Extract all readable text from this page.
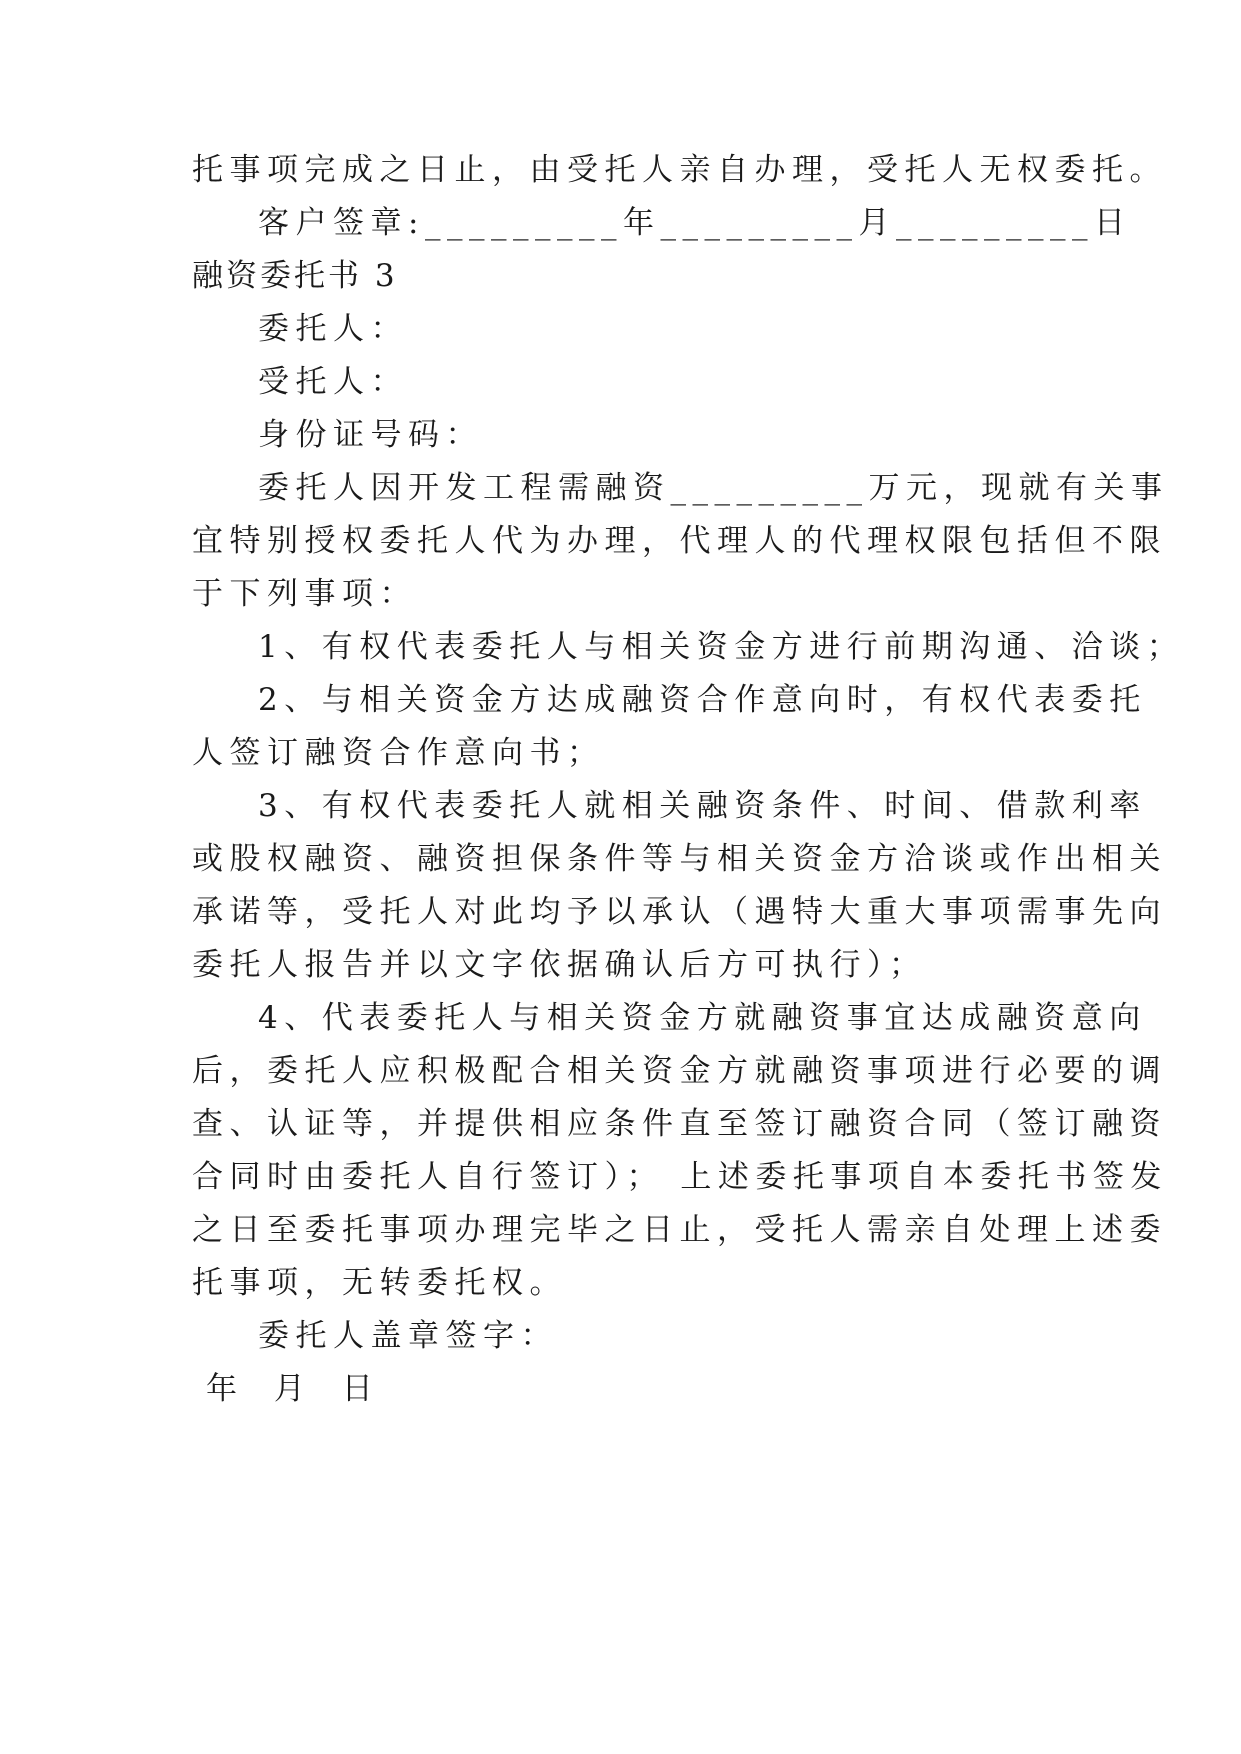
托事项完成之日止，由受托人亲自办理，受托人无权委托。
客户签章:_________年_________月_________日
融资委托书 3
委托人：
受托人：
身份证号码：
委托人因开发工程需融资_________万元，现就有关事
宜特别授权委托人代为办理，代理人的代理权限包括但不限
于下列事项：
1、有权代表委托人与相关资金方进行前期沟通、洽谈；
2、与相关资金方达成融资合作意向时，有权代表委托
人签订融资合作意向书；
3、有权代表委托人就相关融资条件、时间、借款利率
或股权融资、融资担保条件等与相关资金方洽谈或作出相关
承诺等，受托人对此均予以承认（遇特大重大事项需事先向
委托人报告并以文字依据确认后方可执行）；
4、代表委托人与相关资金方就融资事宜达成融资意向
后，委托人应积极配合相关资金方就融资事项进行必要的调
查、认证等，并提供相应条件直至签订融资合同（签订融资
合同时由委托人自行签订）； 上述委托事项自本委托书签发
之日至委托事项办理完毕之日止，受托人需亲自处理上述委
托事项，无转委托权。
委托人盖章签字：
年 月 日
